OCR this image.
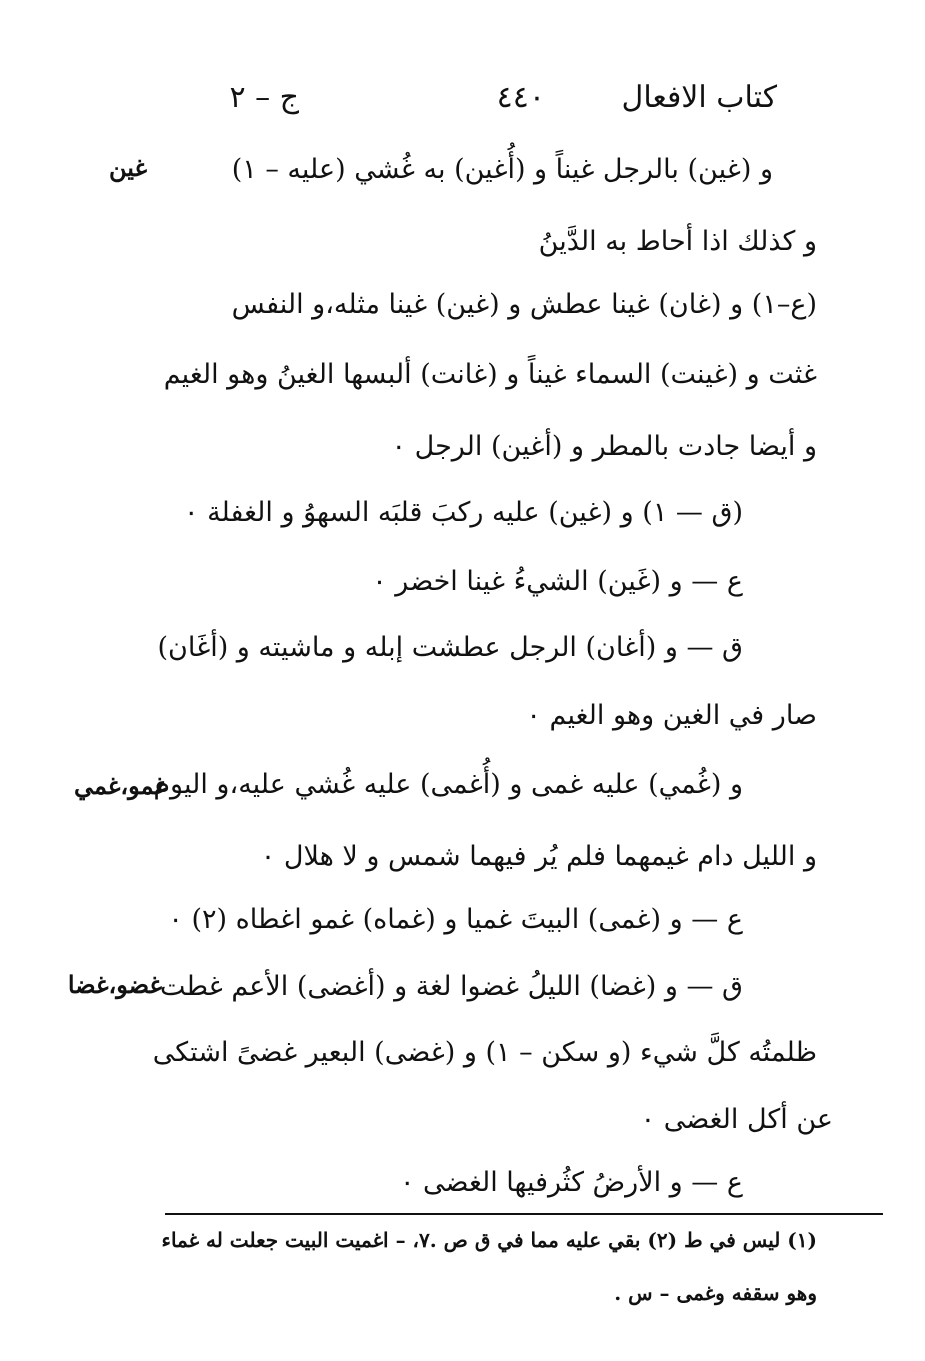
كتاب الافعال
٤٤٠
ج – ٢
غين
غمو،غمي
غضو،غضا
و (غين) بالرجل غيناً و (أُغين) به غُشي (عليه – ١)
و كذلك اذا أحاط به الدَّينُ
(ع–١) و (غان) غينا عطش و (غين) غينا مثله،و النفس
غثت و (غينت) السماء غيناً و (غانت) ألبسها الغينُ وهو الغيم
و أيضا جادت بالمطر و (أغين) الرجل ٠
(ق — ١) و (غين) عليه ركبَ قلبَه السهوُ و الغفلة ٠
ع — و (غَين) الشيءُ غينا اخضر ٠
ق — و (أغان) الرجل عطشت إبله و ماشيته و (أغَان)
صار في الغين وهو الغيم ٠
و (غُمي) عليه غمى و (أُغمى) عليه غُشي عليه،و اليوم
و الليل دام غيمهما فلم يُر فيهما شمس و لا هلال ٠
ع — و (غمى) البيتَ غميا و (غماه) غمو اغطاه (٢) ٠
ق — و (غضا) الليلُ غضوا لغة و (أغضى) الأعم غطت
ظلمتُه كلَّ شيء (و سكن – ١) و (غضى) البعير غضىً اشتكى
عن أكل الغضى ٠
ع — و الأرضُ كثُرفيها الغضى ٠
(١) ليس في ط (٢) بقي عليه مما في ق ص .٧، – اغميت البيت جعلت له غماء
وهو سقفه وغمى – س .
